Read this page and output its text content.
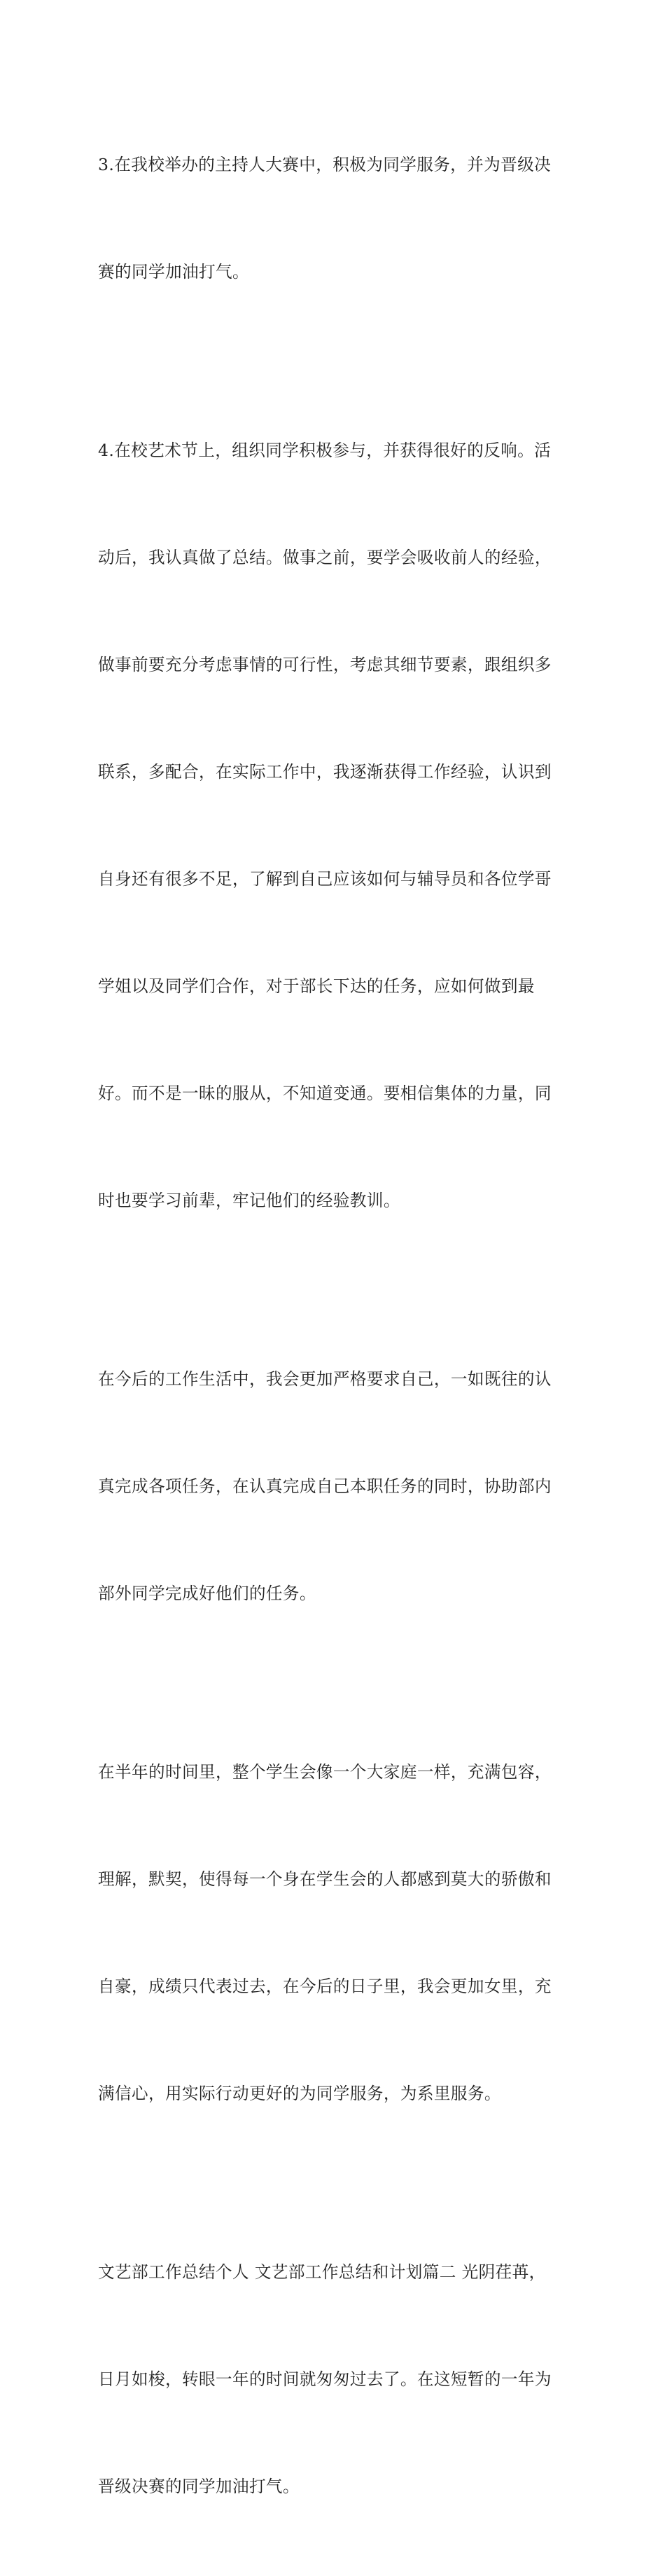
3.在我校举办的主持人大赛中，积极为同学服务，并为晋级决

赛的同学加油打气。

4.在校艺术节上，组织同学积极参与，并获得很好的反响。活

动后，我认真做了总结。做事之前，要学会吸收前人的经验，

做事前要充分考虑事情的可行性，考虑其细节要素，跟组织多

联系，多配合，在实际工作中，我逐渐获得工作经验，认识到

自身还有很多不足，了解到自己应该如何与辅导员和各位学哥

学姐以及同学们合作，对于部长下达的任务，应如何做到最

好。而不是一昧的服从，不知道变通。要相信集体的力量，同

时也要学习前辈，牢记他们的经验教训。

在今后的工作生活中，我会更加严格要求自己，一如既往的认

真完成各项任务，在认真完成自己本职任务的同时，协助部内

部外同学完成好他们的任务。

在半年的时间里，整个学生会像一个大家庭一样，充满包容，

理解，默契，使得每一个身在学生会的人都感到莫大的骄傲和

自豪，成绩只代表过去，在今后的日子里，我会更加女里，充

满信心，用实际行动更好的为同学服务，为系里服务。

文艺部工作总结个人 文艺部工作总结和计划篇二 光阴荏苒，

日月如梭，转眼一年的时间就匆匆过去了。在这短暂的一年为

晋级决赛的同学加油打气。
